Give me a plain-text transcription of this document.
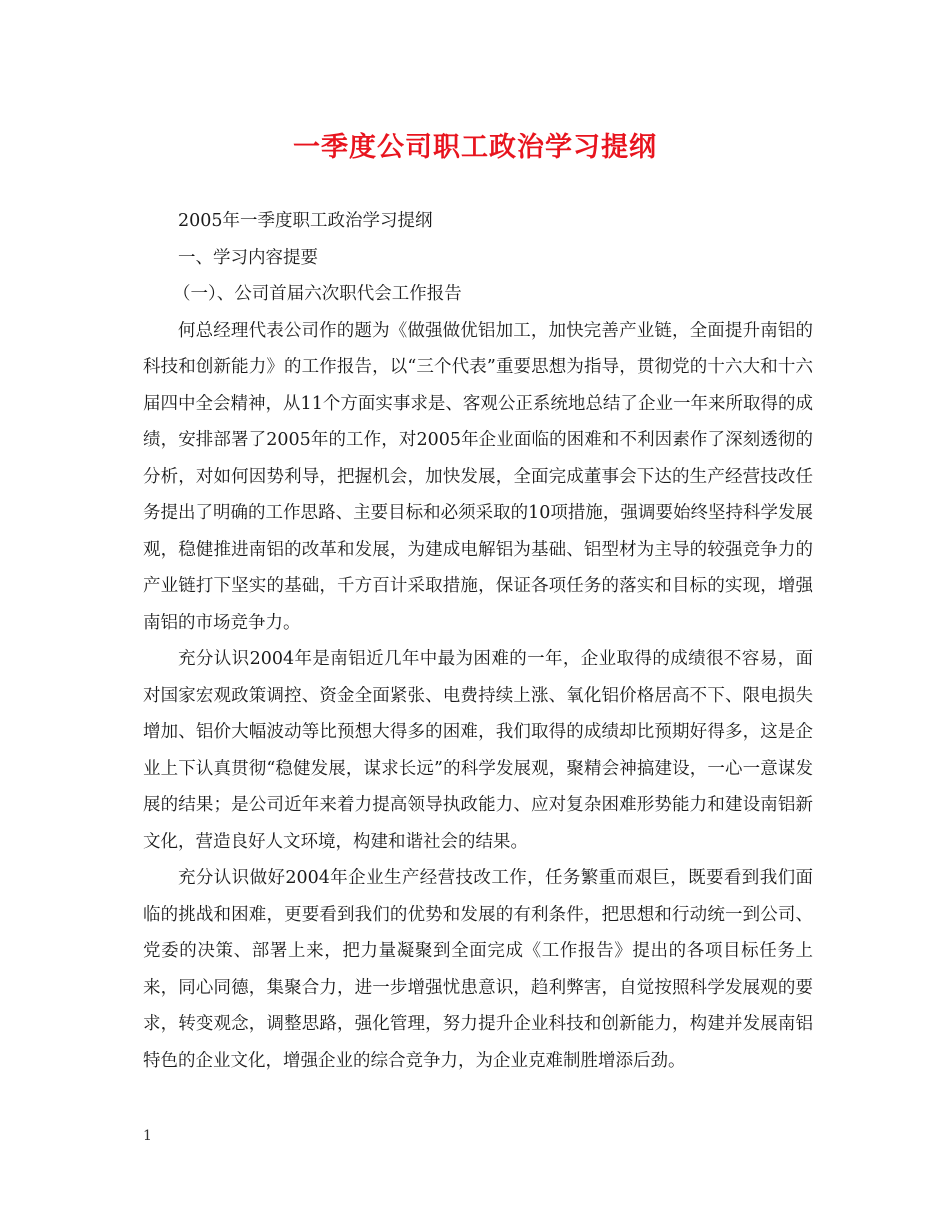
一季度公司职工政治学习提纲

2005年一季度职工政治学习提纲

一、学习内容提要

（一）、公司首届六次职代会工作报告

何总经理代表公司作的题为《做强做优铝加工，加快完善产业链，全面提升南铝的科技和创新能力》的工作报告，以“三个代表”重要思想为指导，贯彻党的十六大和十六届四中全会精神，从11个方面实事求是、客观公正系统地总结了企业一年来所取得的成绩，安排部署了2005年的工作，对2005年企业面临的困难和不利因素作了深刻透彻的分析，对如何因势利导，把握机会，加快发展，全面完成董事会下达的生产经营技改任务提出了明确的工作思路、主要目标和必须采取的10项措施，强调要始终坚持科学发展观，稳健推进南铝的改革和发展，为建成电解铝为基础、铝型材为主导的较强竞争力的产业链打下坚实的基础，千方百计采取措施，保证各项任务的落实和目标的实现，增强南铝的市场竞争力。

充分认识2004年是南铝近几年中最为困难的一年，企业取得的成绩很不容易，面对国家宏观政策调控、资金全面紧张、电费持续上涨、氧化铝价格居高不下、限电损失增加、铝价大幅波动等比预想大得多的困难，我们取得的成绩却比预期好得多，这是企业上下认真贯彻“稳健发展，谋求长远”的科学发展观，聚精会神搞建设，一心一意谋发展的结果；是公司近年来着力提高领导执政能力、应对复杂困难形势能力和建设南铝新文化，营造良好人文环境，构建和谐社会的结果。

充分认识做好2004年企业生产经营技改工作，任务繁重而艰巨，既要看到我们面临的挑战和困难，更要看到我们的优势和发展的有利条件，把思想和行动统一到公司、党委的决策、部署上来，把力量凝聚到全面完成《工作报告》提出的各项目标任务上来，同心同德，集聚合力，进一步增强忧患意识，趋利弊害，自觉按照科学发展观的要求，转变观念，调整思路，强化管理，努力提升企业科技和创新能力，构建并发展南铝特色的企业文化，增强企业的综合竞争力，为企业克难制胜增添后劲。

1
